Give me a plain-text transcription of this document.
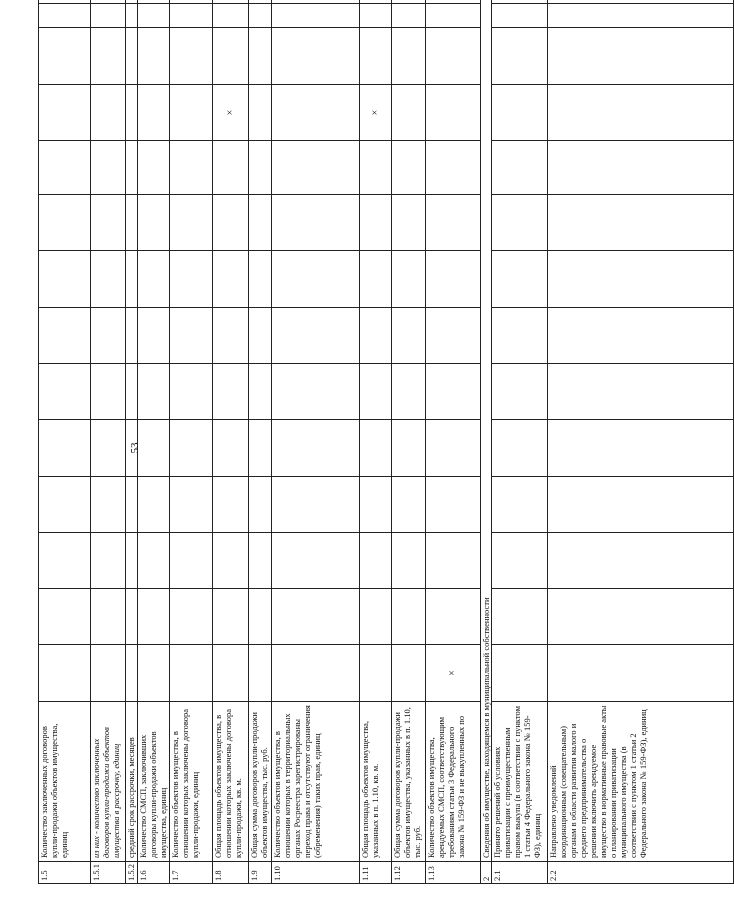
53
1.5	Количество заключенных договоров купли-продажи объектов имущества, единиц															
1.5.1	из них - количество заключенных договоров купли-продажи объектов имущества в рассрочку, единиц															
1.5.2	средний срок рассрочки, месяцев															
1.6	Количество СМСП, заключивших договоры купли-продажи объектов имущества, единиц															
1.7	Количество объектов имущества, в отношении которых заключены договора купли-продажи, единиц															
1.8	Общая площадь объектов имущества, в отношении которых заключены договора купли-продажи, кв. м.											×				
1.9	Общая сумма договоров купли-продажи объектов имущества, тыс. руб.															
1.10	Количество объектов имущества, в отношении которых в территориальных органах Росреестра зарегистрированы переход права и отсутствуют ограничения (обременения) таких прав, единиц															
1.11	Общая площадь объектов имущества, указанных в п. 1.10, кв. м.											×				
1.12	Общая сумма договоров купли-продажи объектов имущества, указанных в п. 1.10, тыс. руб.															
1.13	Количество объектов имущества, арендуемых СМСП, соответствующим требованиям статьи 3 Федерального закона № 159-ФЗ и не выкупленных по	×														
2	Сведения об имуществе, находящемся в муниципальной собственности															
2.1	Принято решений об условиях приватизации с преимущественным правом выкупа (в соответствии с пунктом 1 статьи 4 Федерального закона № 159-ФЗ), единиц															
2.2	Направлено уведомлений координационным (совещательным) органам в области развития малого и среднего предпринимательства о решении включить арендуемое имущество в нормативные правовые акты о планировании приватизации муниципального имущества (в соответствии с пунктом 1 статьи 2 Федерального закона № 159-ФЗ), единиц															
